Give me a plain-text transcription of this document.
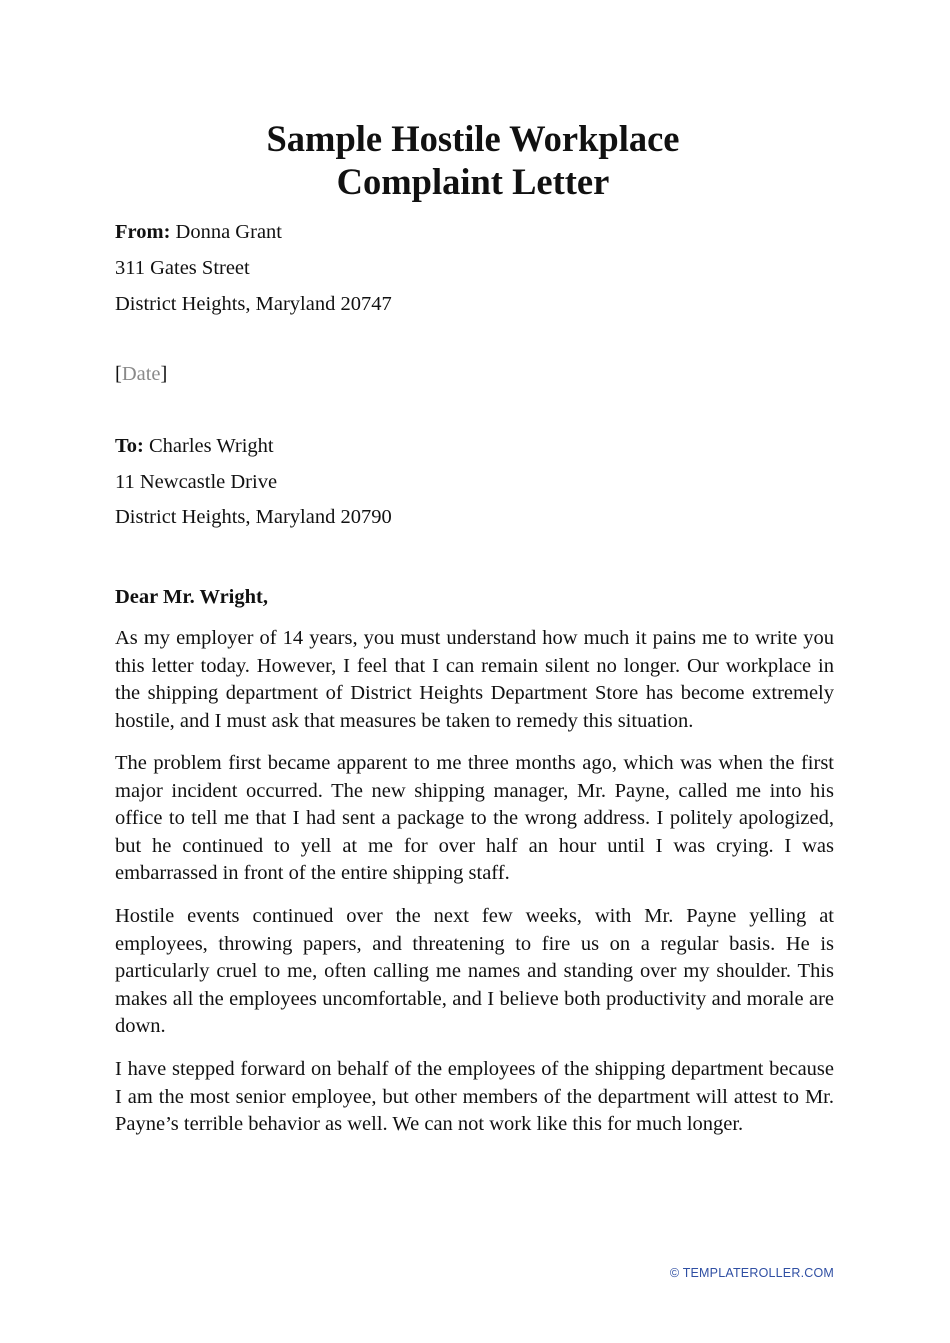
Sample Hostile Workplace
Complaint Letter
From: Donna Grant
311 Gates Street
District Heights, Maryland 20747
[Date]
To: Charles Wright
11 Newcastle Drive
District Heights, Maryland 20790
Dear Mr. Wright,

As my employer of 14 years, you must understand how much it pains me to write you this letter today. However, I feel that I can remain silent no longer. Our workplace in the shipping department of District Heights Department Store has become extremely hostile, and I must ask that measures be taken to remedy this situation.

The problem first became apparent to me three months ago, which was when the first major incident occurred. The new shipping manager, Mr. Payne, called me into his office to tell me that I had sent a package to the wrong address. I politely apologized, but he continued to yell at me for over half an hour until I was crying. I was embarrassed in front of the entire shipping staff.

Hostile events continued over the next few weeks, with Mr. Payne yelling at employees, throwing papers, and threatening to fire us on a regular basis. He is particularly cruel to me, often calling me names and standing over my shoulder. This makes all the employees uncomfortable, and I believe both productivity and morale are down.

I have stepped forward on behalf of the employees of the shipping department because I am the most senior employee, but other members of the department will attest to Mr. Payne’s terrible behavior as well. We can not work like this for much longer.

© TEMPLATEROLLER.COM
